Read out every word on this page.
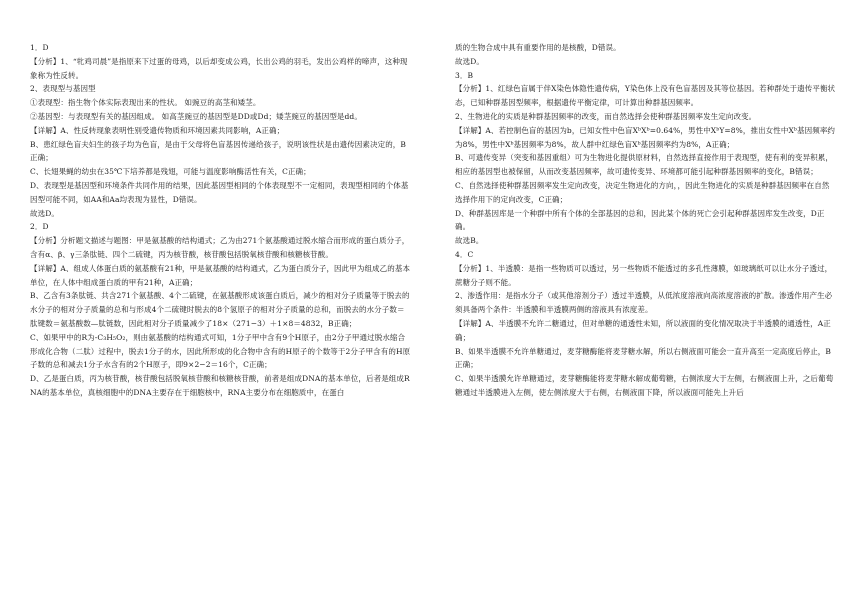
1．D

【分析】1、“牝鸡司晨”是指原来下过蛋的母鸡，以后却变成公鸡，长出公鸡的羽毛，发出公鸡样的啼声，这种现象称为性反转。

2、表现型与基因型

①表现型：指生物个体实际表现出来的性状。 如豌豆的高茎和矮茎。

②基因型：与表现型有关的基因组成。 如高茎豌豆的基因型是DD或Dd；矮茎豌豆的基因型是dd。

【详解】A、性反转现象表明性别受遗传物质和环境因素共同影响，A正确；

B、患红绿色盲夫妇生的孩子均为色盲，是由于父母将色盲基因传递给孩子，说明该性状是由遗传因素决定的，B正确；

C、长翅果蝇的幼虫在35℃下培养都是残翅，可能与温度影响酶活性有关，C正确；

D、表现型是基因型和环境条件共同作用的结果，因此基因型相同的个体表现型不一定相同，表现型相同的个体基因型可能不同，如AA和Aa均表现为显性，D错误。

故选D。

2．D

【分析】分析题文描述与题图：甲是氨基酸的结构通式；乙为由271个氨基酸通过脱水缩合而形成的蛋白质分子，含有α、β、γ三条肽链、四个二硫键，丙为核苷酸，核苷酸包括脱氧核苷酸和核糖核苷酸。

【详解】A、组成人体蛋白质的氨基酸有21种，甲是氨基酸的结构通式，乙为蛋白质分子，因此甲为组成乙的基本单位，在人体中组成蛋白质的甲有21种，A正确；

B、乙含有3条肽链、共含271个氨基酸、4个二硫键，在氨基酸形成该蛋白质后，减少的相对分子质量等于脱去的水分子的相对分子质量的总和与形成4个二硫键时脱去的8个氢原子的相对分子质量的总和，而脱去的水分子数＝肽键数＝氨基酸数—肽链数，因此相对分子质量减少了18×（271−3）＋1×8＝4832，B正确；

C、如果甲中的R为-C₃H₅O₂，则由氨基酸的结构通式可知，1分子甲中含有9个H原子，由2分子甲通过脱水缩合形成化合物（二肽）过程中，脱去1分子的水，因此所形成的化合物中含有的H原子的个数等于2分子甲含有的H原子数的总和减去1分子水含有的2个H原子，即9×2−2＝16个，C正确；

D、乙是蛋白质，丙为核苷酸，核苷酸包括脱氧核苷酸和核糖核苷酸，前者是组成DNA的基本单位，后者是组成RNA的基本单位，真核细胞中的DNA主要存在于细胞核中，RNA主要分布在细胞质中，在蛋白

质的生物合成中具有重要作用的是核酸，D错误。

故选D。

3．B

【分析】1、红绿色盲属于伴X染色体隐性遗传病，Y染色体上没有色盲基因及其等位基因。若种群处于遗传平衡状态，已知种群基因型频率，根据遗传平衡定律，可计算出种群基因频率。

2、生物进化的实质是种群基因频率的改变，而自然选择会使种群基因频率发生定向改变。

【详解】A、若控制色盲的基因为b，已知女性中色盲XᵇXᵇ=0.64%，男性中XᵇY=8%，推出女性中Xᵇ基因频率约为8%，男性中Xᵇ基因频率为8%，故人群中红绿色盲Xᵇ基因频率约为8%，A正确；

B、可遗传变异（突变和基因重组）可为生物进化提供原材料，自然选择直接作用于表现型，使有利的变异积累，相应的基因型也被保留，从而改变基因频率，故可遗传变异、环境都可能引起种群基因频率的变化，B错误；

C、自然选择使种群基因频率发生定向改变，决定生物进化的方向，，因此生物进化的实质是种群基因频率在自然选择作用下的定向改变，C正确；

D、种群基因库是一个种群中所有个体的全部基因的总和，因此某个体的死亡会引起种群基因库发生改变，D正确。

故选B。

4．C

【分析】1、半透膜：是指一些物质可以透过，另一些物质不能透过的多孔性薄膜，如玻璃纸可以让水分子透过，蔗糖分子则不能。

2、渗透作用：是指水分子（或其他溶剂分子）透过半透膜，从低浓度溶液向高浓度溶液的扩散。渗透作用产生必须具备两个条件：半透膜和半透膜两侧的溶液具有浓度差。

【详解】A、半透膜不允许二糖通过，但对单糖的通透性未知，所以液面的变化情况取决于半透膜的通透性，A正确；

B、如果半透膜不允许单糖通过，麦芽糖酶能将麦芽糖水解，所以右侧液面可能会一直升高至一定高度后停止，B正确；

C、如果半透膜允许单糖通过，麦芽糖酶能将麦芽糖水解成葡萄糖，右侧浓度大于左侧，右侧液面上升，之后葡萄糖通过半透膜进入左侧，使左侧浓度大于右侧，右侧液面下降，所以液面可能先上升后
